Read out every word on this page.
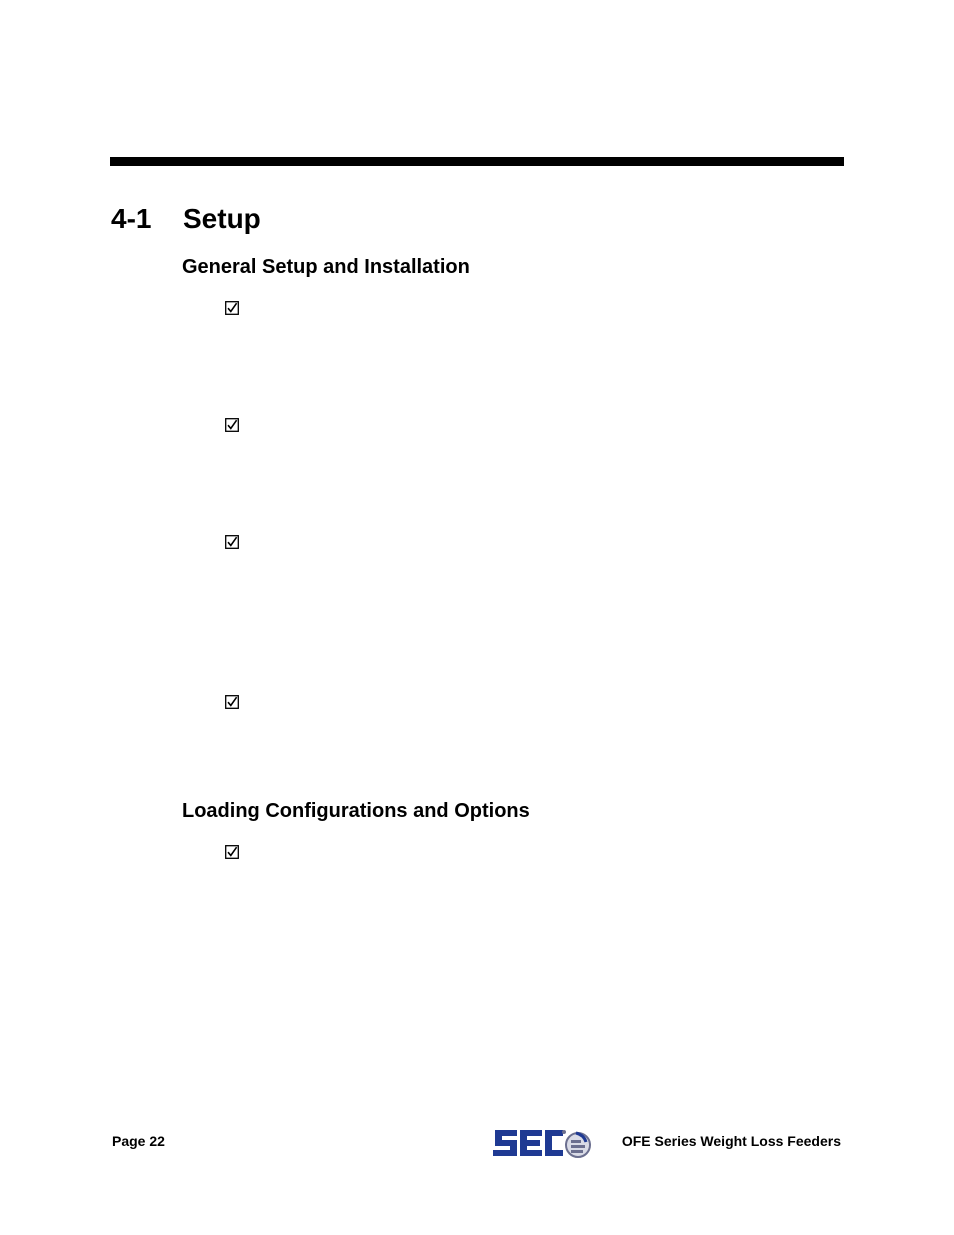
4-1 Setup
General Setup and Installation
Loading Configurations and Options
Page 22	OFE Series Weight Loss Feeders
